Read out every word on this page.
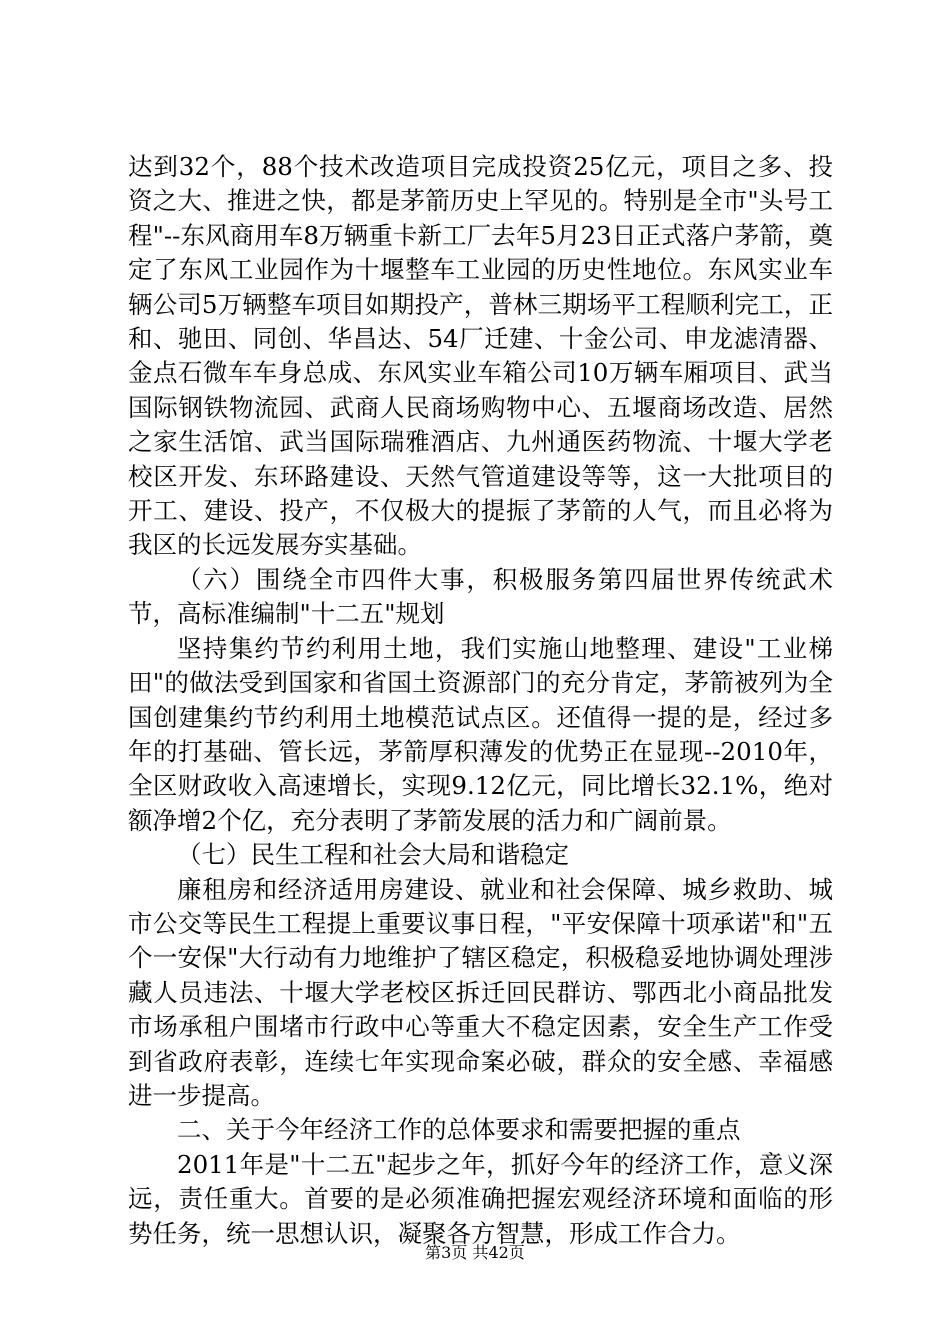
达到32个，88个技术改造项目完成投资25亿元，项目之多、投资之大、推进之快，都是茅箭历史上罕见的。特别是全市"头号工程"--东风商用车8万辆重卡新工厂去年5月23日正式落户茅箭，奠定了东风工业园作为十堰整车工业园的历史性地位。东风实业车辆公司5万辆整车项目如期投产，普林三期场平工程顺利完工，正和、驰田、同创、华昌达、54厂迁建、十金公司、申龙滤清器、金点石微车车身总成、东风实业车箱公司10万辆车厢项目、武当国际钢铁物流园、武商人民商场购物中心、五堰商场改造、居然之家生活馆、武当国际瑞雅酒店、九州通医药物流、十堰大学老校区开发、东环路建设、天然气管道建设等等，这一大批项目的开工、建设、投产，不仅极大的提振了茅箭的人气，而且必将为我区的长远发展夯实基础。

（六）围绕全市四件大事，积极服务第四届世界传统武术节，高标准编制"十二五"规划

坚持集约节约利用土地，我们实施山地整理、建设"工业梯田"的做法受到国家和省国土资源部门的充分肯定，茅箭被列为全国创建集约节约利用土地模范试点区。还值得一提的是，经过多年的打基础、管长远，茅箭厚积薄发的优势正在显现--2010年，全区财政收入高速增长，实现9.12亿元，同比增长32.1%，绝对额净增2个亿，充分表明了茅箭发展的活力和广阔前景。

（七）民生工程和社会大局和谐稳定

廉租房和经济适用房建设、就业和社会保障、城乡救助、城市公交等民生工程提上重要议事日程，"平安保障十项承诺"和"五个一安保"大行动有力地维护了辖区稳定，积极稳妥地协调处理涉藏人员违法、十堰大学老校区拆迁回民群访、鄂西北小商品批发市场承租户围堵市行政中心等重大不稳定因素，安全生产工作受到省政府表彰，连续七年实现命案必破，群众的安全感、幸福感进一步提高。

二、关于今年经济工作的总体要求和需要把握的重点

2011年是"十二五"起步之年，抓好今年的经济工作，意义深远，责任重大。首要的是必须准确把握宏观经济环境和面临的形势任务，统一思想认识，凝聚各方智慧，形成工作合力。

第3页 共42页
